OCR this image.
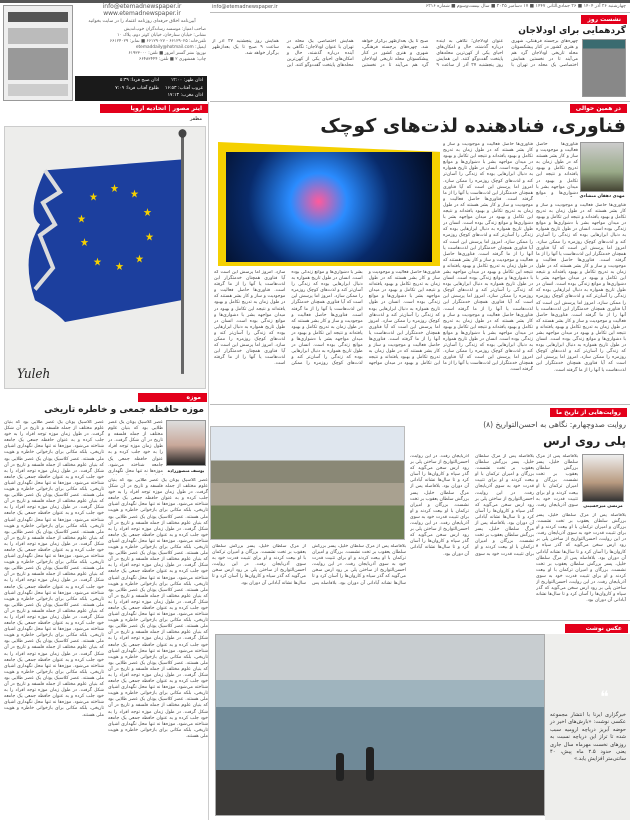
info@etemadnewspaper.ir
www.etemadnewspaper.ir
آیین‌نامه اخلاق حرفه‌ای روزنامه اعتماد را در سایت بخوانید
صاحب امتیاز: موسسه رسانه‌گران خوب‌اندیش
نشانی: خیابان ستارخان، خیابان کوثر دوم، پلاک ۱۰
تلفن‌خانه: ۶۶۱۲۹۰۲۵ - ۶۶۱۲۹۰۲۷ ■ نمابر: ۶۶۱۲۴۰۲۹
ایمیل: etemaddaily@hotmail.com
توزیع: نشر گستر امروز ■ تلفن: ۶۱۹۳۳۰۰۰
چاپ: همشهری ۲ ■ تلفن: ۶۶۴۸۳۴۴۴
اذان ظهر: ۱۲:۰۰
غروب آفتاب: ۱۶:۵۳
اذان مغرب: ۱۷:۱۳
اذان صبح فردا: ۵:۳۹
طلوع آفتاب فردا: ۷:۰۹
info@etemadnewspaper.ir	چهارشنبه ۲۶ آذر ۱۴۰۴ ■ ۲۶ جمادی‌الثانی ۱۴۴۷ ■ ۱۷ دسامبر ۲۰۲۵ ■ سال بیست‌وسوم ■ شماره ۶۲۱۶
نشست روز
گردهمایی برای اودلاجان
چهره‌های برجسته فرهنگی، شهری و هنری کشور در کنار پیشکسوتان محله تاریخی اودلاجان گرد هم می‌آیند تا در نخستین همایش اختصاصی یک محله در تهران با عنوان اودلاجان؛ نگاهی به آینده درباره گذشته، حال و امکان‌های احیای یکی از کهن‌ترین محله‌های پایتخت گفت‌وگو کنند. این همایش روز پنجشنبه ۲۷ آذر از ساعت ۹ صبح تا یک بعدازظهر برگزار خواهد شد. چهره‌های برجسته فرهنگی، شهری و هنری کشور در کنار پیشکسوتان محله تاریخی اودلاجان گرد هم می‌آیند تا در نخستین همایش اختصاصی یک محله در تهران با عنوان اودلاجان؛ نگاهی به آینده درباره گذشته، حال و امکان‌های احیای یکی از کهن‌ترین محله‌های پایتخت گفت‌وگو کنند. این همایش روز پنجشنبه ۲۷ آذر از ساعت ۹ صبح تا یک بعدازظهر برگزار خواهد شد.
ایتر مصور | اتحادیه اروپا
مظفر
★ ★
★
★
★
★
★
★
★
★
Yuleh
در همین حوالی
فناوری، فنادهنده لذت‌های کوچک
مهدی دهقان منشادی
فناوری‌ها حاصل فعالیت و موجودیت و ساز و کار بشر هستند که در طول زمان به تدریج تکامل و بهبود یافته‌اند و نتیجه این تکامل و بهبود در میدان مواجهه بشر با دشواری‌ها و موانع
فناوری‌ها حاصل فعالیت و موجودیت و ساز و کار بشر هستند که در طول زمان به تدریج تکامل و بهبود یافته‌اند و نتیجه این تکامل و بهبود در میدان مواجهه بشر با دشواری‌ها و موانع زندگی بوده است. انسان در طول تاریخ همواره به دنبال ابزارهایی بوده که زندگی را آسان‌تر کند و لذت‌های کوچک روزمره را ممکن سازد. امروز اما پرسش این است که آیا فناوری همچنان خدمتگزار این لذت‌هاست یا آنها را از ما گرفته است. فناوری‌ها حاصل فعالیت و موجودیت و ساز و کار بشر هستند که در طول زمان به تدریج تکامل و بهبود یافته‌اند و نتیجه این تکامل و بهبود در میدان مواجهه بشر با دشواری‌ها و موانع زندگی بوده است. انسان در طول تاریخ همواره به دنبال ابزارهایی بوده که زندگی را آسان‌تر کند و لذت‌های کوچک روزمره را ممکن سازد. امروز اما پرسش این است که آیا فناوری همچنان خدمتگزار این لذت‌هاست یا آنها را از ما گرفته است. فناوری‌ها حاصل فعالیت و موجودیت و ساز و کار بشر هستند که در طول زمان به تدریج تکامل و بهبود یافته‌اند و نتیجه این تکامل و بهبود در میدان مواجهه بشر با دشواری‌ها و موانع زندگی بوده است. انسان در طول تاریخ همواره به دنبال ابزارهایی بوده که زندگی را آسان‌تر کند و لذت‌های کوچک روزمره را ممکن سازد. امروز اما پرسش این است که آیا فناوری همچنان خدمتگزار این لذت‌هاست یا آنها را از ما گرفته است. فناوری‌ها حاصل فعالیت و موجودیت و ساز و کار بشر هستند که در طول زمان به تدریج تکامل و بهبود یافته‌اند و نتیجه این تکامل و بهبود در میدان مواجهه بشر با دشواری‌ها و موانع زندگی بوده است. انسان در طول تاریخ همواره به دنبال ابزارهایی بوده که زندگی را آسان‌تر کند و لذت‌های کوچک روزمره را ممکن سازد. امروز اما پرسش این است که آیا فناوری همچنان خدمتگزار این لذت‌هاست یا آنها را از ما گرفته است.
فناوری‌ها حاصل فعالیت و موجودیت و ساز و کار بشر هستند که در طول زمان به تدریج تکامل و بهبود یافته‌اند و نتیجه این تکامل و بهبود در میدان مواجهه بشر با دشواری‌ها و موانع زندگی بوده است. انسان در طول تاریخ همواره به دنبال ابزارهایی بوده که زندگی را آسان‌تر کند و لذت‌های کوچک روزمره را ممکن سازد. امروز اما پرسش این است که آیا فناوری همچنان خدمتگزار این لذت‌هاست یا آنها را از ما گرفته است. فناوری‌ها حاصل فعالیت و موجودیت و ساز و کار بشر هستند که در طول زمان به تدریج تکامل و بهبود یافته‌اند و نتیجه این تکامل و بهبود در میدان مواجهه بشر با دشواری‌ها و موانع زندگی بوده است. انسان در طول تاریخ همواره به دنبال ابزارهایی بوده که زندگی را آسان‌تر کند و لذت‌های کوچک روزمره را ممکن سازد. امروز اما پرسش این است که آیا فناوری همچنان خدمتگزار این لذت‌هاست یا آنها را از ما گرفته است. فناوری‌ها حاصل فعالیت و موجودیت و ساز و کار بشر هستند که در طول زمان به تدریج تکامل و بهبود یافته‌اند و نتیجه این تکامل و بهبود در میدان مواجهه بشر با دشواری‌ها و موانع زندگی بوده است. انسان در طول تاریخ همواره به دنبال ابزارهایی بوده که زندگی را آسان‌تر کند و لذت‌های کوچک روزمره را ممکن سازد. امروز اما پرسش این است که آیا فناوری همچنان خدمتگزار این لذت‌هاست یا آنها را از ما گرفته است.
فناوری‌ها حاصل فعالیت و موجودیت و ساز و کار بشر هستند که در طول زمان به تدریج تکامل و بهبود یافته‌اند و نتیجه این تکامل و بهبود در میدان مواجهه بشر با دشواری‌ها و موانع زندگی بوده است. انسان در طول تاریخ همواره به دنبال ابزارهایی بوده که زندگی را آسان‌تر کند و لذت‌های کوچک روزمره را ممکن سازد. امروز اما پرسش این است که آیا فناوری همچنان خدمتگزار این لذت‌هاست یا آنها را از ما گرفته است. فناوری‌ها حاصل فعالیت و موجودیت و ساز و کار بشر هستند که در طول زمان به تدریج تکامل و بهبود یافته‌اند و نتیجه این تکامل و بهبود در میدان مواجهه بشر با دشواری‌ها و موانع زندگی بوده است. انسان در طول تاریخ همواره به دنبال ابزارهایی بوده که زندگی را آسان‌تر کند و لذت‌های کوچک روزمره را ممکن سازد. امروز اما پرسش این است که آیا فناوری همچنان خدمتگزار این لذت‌هاست یا آنها را از ما گرفته است. فناوری‌ها حاصل فعالیت و موجودیت و ساز و کار بشر هستند که در طول زمان به تدریج تکامل و بهبود یافته‌اند و نتیجه این تکامل و بهبود در میدان مواجهه بشر با دشواری‌ها و موانع زندگی بوده است. انسان در طول تاریخ همواره به دنبال ابزارهایی بوده که زندگی را آسان‌تر کند و لذت‌های کوچک روزمره را ممکن سازد. امروز اما پرسش این است که آیا فناوری همچنان خدمتگزار این لذت‌هاست یا آنها را از ما گرفته است. فناوری‌ها حاصل فعالیت و موجودیت و ساز و کار بشر هستند که در طول زمان به تدریج تکامل و بهبود یافته‌اند و نتیجه این تکامل و بهبود در میدان مواجهه بشر با دشواری‌ها و موانع زندگی بوده است. انسان در طول تاریخ همواره به دنبال ابزارهایی بوده که زندگی را آسان‌تر کند و لذت‌های کوچک روزمره را ممکن سازد. امروز اما پرسش این است که آیا فناوری همچنان خدمتگزار این لذت‌هاست یا آنها را از ما گرفته است.
روایت‌هایی از تاریخ ما
روایت صدوچهارم: نگاهی به احسن‌التواریخ (۸)
پلی روی ارس
مرتضی میرحسینی
بلافاصله پس از مرگ سلطان خلیل، پسر بزرگش سلطان یعقوب بر تخت نشست. بزرگان و امیران ترکمان با او بیعت کردند و او برای تثبیت قدرت خود به سوی آذربایجان رفت.
بلافاصله پس از مرگ سلطان خلیل، پسر بزرگش سلطان یعقوب بر تخت نشست. بزرگان و امیران ترکمان با او بیعت کردند و او برای تثبیت قدرت خود به سوی آذربایجان رفت. در این روایت، احسن‌التواریخ از ساختن پلی بر رود ارس سخن می‌گوید که گذر سپاه و کاروان‌ها را آسان کرد و تا سال‌ها نشانه آبادانی آن دوران بود. بلافاصله پس از مرگ سلطان خلیل، پسر بزرگش سلطان یعقوب بر تخت نشست. بزرگان و امیران ترکمان با او بیعت کردند و او برای تثبیت قدرت خود به سوی آذربایجان رفت. در این روایت، احسن‌التواریخ از ساختن پلی بر رود ارس سخن می‌گوید که گذر سپاه و کاروان‌ها را آسان کرد و تا سال‌ها نشانه آبادانی آن دوران بود. بلافاصله پس از مرگ سلطان خلیل، پسر بزرگش سلطان یعقوب بر تخت نشست. بزرگان و امیران ترکمان با او بیعت کردند و او برای تثبیت قدرت خود به سوی آذربایجان رفت. در این روایت، احسن‌التواریخ از ساختن پلی بر رود ارس سخن می‌گوید که گذر سپاه و کاروان‌ها را آسان کرد و تا سال‌ها نشانه آبادانی آن دوران بود.
بلافاصله پس از مرگ سلطان خلیل، پسر بزرگش سلطان یعقوب بر تخت نشست. بزرگان و امیران ترکمان با او بیعت کردند و او برای تثبیت قدرت خود به سوی آذربایجان رفت. در این روایت، احسن‌التواریخ از ساختن پلی بر رود ارس سخن می‌گوید که گذر سپاه و کاروان‌ها را آسان کرد و تا سال‌ها نشانه آبادانی آن دوران بود. بلافاصله پس از مرگ سلطان خلیل، پسر بزرگش سلطان یعقوب بر تخت نشست. بزرگان و امیران ترکمان با او بیعت کردند و او برای تثبیت قدرت خود به سوی آذربایجان رفت. در این روایت، احسن‌التواریخ از ساختن پلی بر رود ارس سخن می‌گوید که گذر سپاه و کاروان‌ها را آسان کرد و تا سال‌ها نشانه آبادانی آن دوران بود.
بلافاصله پس از مرگ سلطان خلیل، پسر بزرگش سلطان یعقوب بر تخت نشست. بزرگان و امیران ترکمان با او بیعت کردند و او برای تثبیت قدرت خود به سوی آذربایجان رفت. در این روایت، احسن‌التواریخ از ساختن پلی بر رود ارس سخن می‌گوید که گذر سپاه و کاروان‌ها را آسان کرد و تا سال‌ها نشانه آبادانی آن دوران بود. بلافاصله پس از مرگ سلطان خلیل، پسر بزرگش سلطان یعقوب بر تخت نشست. بزرگان و امیران ترکمان با او بیعت کردند و او برای تثبیت قدرت خود به سوی آذربایجان رفت. در این روایت، احسن‌التواریخ از ساختن پلی بر رود ارس سخن می‌گوید که گذر سپاه و کاروان‌ها را آسان کرد و تا سال‌ها نشانه آبادانی آن دوران بود.
عکس نوشت
❝
خبرگزاری ایرنا با انتشار مجموعه عکسی نوشت: «بارش‌های اخیر در حوضه آبریز دریاچه ارومیه سبب شده تا تراز این دریاچه نسبت به روزهای نخست مهرماه سال جاری یعنی حدود ۲.۵ ماه پیش، ۴۰ سانتی‌متر افزایش یابد.»
موزه
موزه حافظه جمعی و خاطره تاریخی
یوسف منصورزاده
عصر کلاسیک یونان یک عصر طلایی بود که بنیان علوم مختلف از جمله فلسفه و تاریخ در آن شکل گرفت. در طول زمان موزه توجه افراد را به خود جلب کرده و به عنوان حافظه جمعی یک جامعه شناخته می‌شود. موزه‌ها نه تنها محل نگهداری
عصر کلاسیک یونان یک عصر طلایی بود که بنیان علوم مختلف از جمله فلسفه و تاریخ در آن شکل گرفت. در طول زمان موزه توجه افراد را به خود جلب کرده و به عنوان حافظه جمعی یک جامعه شناخته می‌شود. موزه‌ها نه تنها محل نگهداری اشیای تاریخی، بلکه مکانی برای بازخوانی خاطره و هویت ملی هستند. عصر کلاسیک یونان یک عصر طلایی بود که بنیان علوم مختلف از جمله فلسفه و تاریخ در آن شکل گرفت. در طول زمان موزه توجه افراد را به خود جلب کرده و به عنوان حافظه جمعی یک جامعه شناخته می‌شود. موزه‌ها نه تنها محل نگهداری اشیای تاریخی، بلکه مکانی برای بازخوانی خاطره و هویت ملی هستند. عصر کلاسیک یونان یک عصر طلایی بود که بنیان علوم مختلف از جمله فلسفه و تاریخ در آن شکل گرفت. در طول زمان موزه توجه افراد را به خود جلب کرده و به عنوان حافظه جمعی یک جامعه شناخته می‌شود. موزه‌ها نه تنها محل نگهداری اشیای تاریخی، بلکه مکانی برای بازخوانی خاطره و هویت ملی هستند. عصر کلاسیک یونان یک عصر طلایی بود که بنیان علوم مختلف از جمله فلسفه و تاریخ در آن شکل گرفت. در طول زمان موزه توجه افراد را به خود جلب کرده و به عنوان حافظه جمعی یک جامعه شناخته می‌شود. موزه‌ها نه تنها محل نگهداری اشیای تاریخی، بلکه مکانی برای بازخوانی خاطره و هویت ملی هستند. عصر کلاسیک یونان یک عصر طلایی بود که بنیان علوم مختلف از جمله فلسفه و تاریخ در آن شکل گرفت. در طول زمان موزه توجه افراد را به خود جلب کرده و به عنوان حافظه جمعی یک جامعه شناخته می‌شود. موزه‌ها نه تنها محل نگهداری اشیای تاریخی، بلکه مکانی برای بازخوانی خاطره و هویت ملی هستند. عصر کلاسیک یونان یک عصر طلایی بود که بنیان علوم مختلف از جمله فلسفه و تاریخ در آن شکل گرفت. در طول زمان موزه توجه افراد را به خود جلب کرده و به عنوان حافظه جمعی یک جامعه شناخته می‌شود. موزه‌ها نه تنها محل نگهداری اشیای تاریخی، بلکه مکانی برای بازخوانی خاطره و هویت ملی هستند. عصر کلاسیک یونان یک عصر طلایی بود که بنیان علوم مختلف از جمله فلسفه و تاریخ در آن شکل گرفت. در طول زمان موزه توجه افراد را به خود جلب کرده و به عنوان حافظه جمعی یک جامعه شناخته می‌شود. موزه‌ها نه تنها محل نگهداری اشیای تاریخی، بلکه مکانی برای بازخوانی خاطره و هویت ملی هستند. عصر کلاسیک یونان یک عصر طلایی بود که بنیان علوم مختلف از جمله فلسفه و تاریخ در آن شکل گرفت. در طول زمان موزه توجه افراد را به خود جلب کرده و به عنوان حافظه جمعی یک جامعه شناخته می‌شود. موزه‌ها نه تنها محل نگهداری اشیای تاریخی، بلکه مکانی برای بازخوانی خاطره و هویت ملی هستند.
عصر کلاسیک یونان یک عصر طلایی بود که بنیان علوم مختلف از جمله فلسفه و تاریخ در آن شکل گرفت. در طول زمان موزه توجه افراد را به خود جلب کرده و به عنوان حافظه جمعی یک جامعه شناخته می‌شود. موزه‌ها نه تنها محل نگهداری اشیای تاریخی، بلکه مکانی برای بازخوانی خاطره و هویت ملی هستند. عصر کلاسیک یونان یک عصر طلایی بود که بنیان علوم مختلف از جمله فلسفه و تاریخ در آن شکل گرفت. در طول زمان موزه توجه افراد را به خود جلب کرده و به عنوان حافظه جمعی یک جامعه شناخته می‌شود. موزه‌ها نه تنها محل نگهداری اشیای تاریخی، بلکه مکانی برای بازخوانی خاطره و هویت ملی هستند. عصر کلاسیک یونان یک عصر طلایی بود که بنیان علوم مختلف از جمله فلسفه و تاریخ در آن شکل گرفت. در طول زمان موزه توجه افراد را به خود جلب کرده و به عنوان حافظه جمعی یک جامعه شناخته می‌شود. موزه‌ها نه تنها محل نگهداری اشیای تاریخی، بلکه مکانی برای بازخوانی خاطره و هویت ملی هستند. عصر کلاسیک یونان یک عصر طلایی بود که بنیان علوم مختلف از جمله فلسفه و تاریخ در آن شکل گرفت. در طول زمان موزه توجه افراد را به خود جلب کرده و به عنوان حافظه جمعی یک جامعه شناخته می‌شود. موزه‌ها نه تنها محل نگهداری اشیای تاریخی، بلکه مکانی برای بازخوانی خاطره و هویت ملی هستند. عصر کلاسیک یونان یک عصر طلایی بود که بنیان علوم مختلف از جمله فلسفه و تاریخ در آن شکل گرفت. در طول زمان موزه توجه افراد را به خود جلب کرده و به عنوان حافظه جمعی یک جامعه شناخته می‌شود. موزه‌ها نه تنها محل نگهداری اشیای تاریخی، بلکه مکانی برای بازخوانی خاطره و هویت ملی هستند. عصر کلاسیک یونان یک عصر طلایی بود که بنیان علوم مختلف از جمله فلسفه و تاریخ در آن شکل گرفت. در طول زمان موزه توجه افراد را به خود جلب کرده و به عنوان حافظه جمعی یک جامعه شناخته می‌شود. موزه‌ها نه تنها محل نگهداری اشیای تاریخی، بلکه مکانی برای بازخوانی خاطره و هویت ملی هستند. عصر کلاسیک یونان یک عصر طلایی بود که بنیان علوم مختلف از جمله فلسفه و تاریخ در آن شکل گرفت. در طول زمان موزه توجه افراد را به خود جلب کرده و به عنوان حافظه جمعی یک جامعه شناخته می‌شود. موزه‌ها نه تنها محل نگهداری اشیای تاریخی، بلکه مکانی برای بازخوانی خاطره و هویت ملی هستند.
